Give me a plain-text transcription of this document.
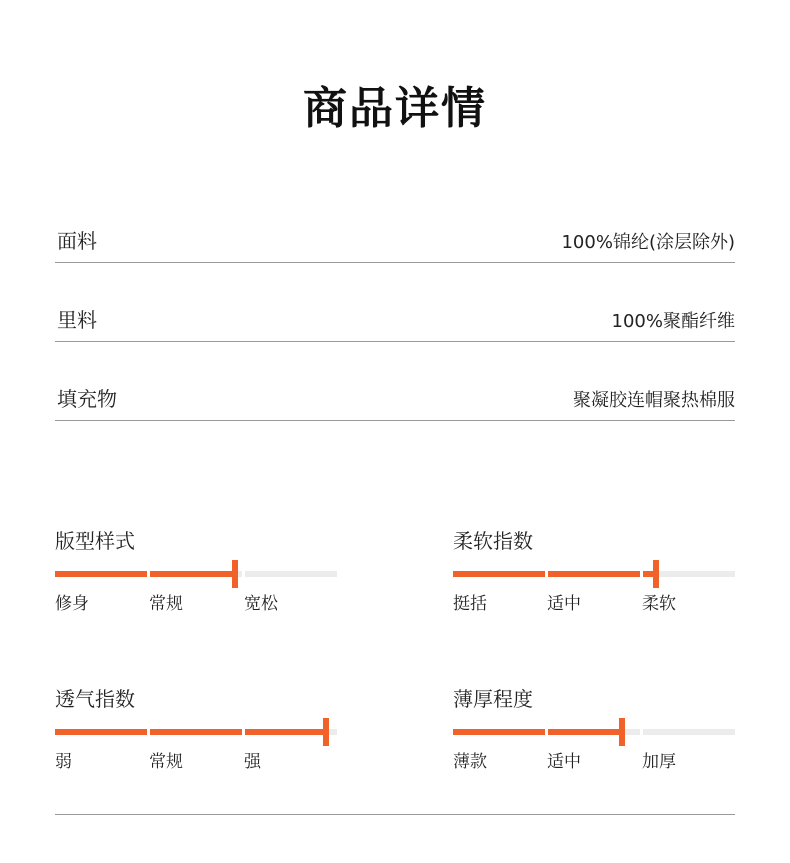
商品详情
面料	100%锦纶(涂层除外)
里料	100%聚酯纤维
填充物	聚凝胶连帽聚热棉服
版型样式
修身	常规	宽松
柔软指数
挺括	适中	柔软
透气指数
弱	常规	强
薄厚程度
薄款	适中	加厚
